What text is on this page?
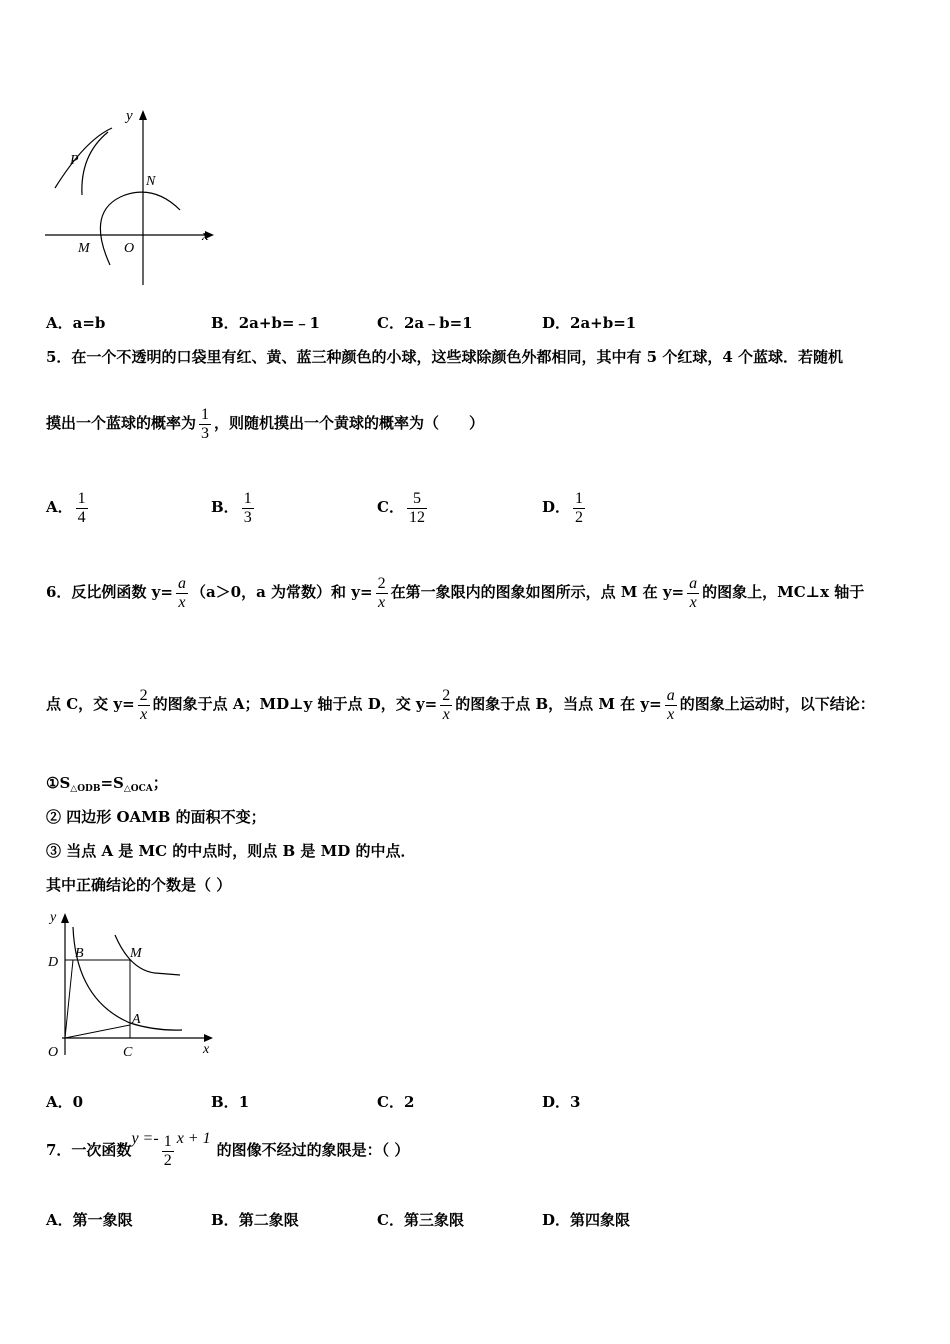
y
x
P
N
M O
A．a=b	B．2a+b=﹣1	C．2a﹣b=1	D．2a+b=1
5．在一个不透明的口袋里有红、黄、蓝三种颜色的小球，这些球除颜色外都相同，其中有 5 个红球，4 个蓝球．若随机
摸出一个蓝球的概率为 $\frac{1}{3}$ ，则随机摸出一个黄球的概率为（　　）
A． $\frac{1}{4}$	B． $\frac{1}{3}$	C． $\frac{5}{12}$	D． $\frac{1}{2}$
6．反比例函数 $y= \frac{a}{x} (a>0$，a 为常数）和 $y= \frac{2}{x}$ 在第一象限内的图象如图所示，点 M 在 $y= \frac{a}{x}$ 的图象上，MC⊥x 轴于
点 C，交 $y= \frac{2}{x}$ 的图象于点 A；MD⊥y 轴于点 D，交 $y= \frac{2}{x}$ 的图象于点 B，当点 M 在 $y= \frac{a}{x}$ 的图象上运动时，以下结论：
$①S_{\triangle ODB}=S_{\triangle OCA}$；
② 四边形 OAMB 的面积不变；
③ 当点 A 是 MC 的中点时，则点 B 是 MD 的中点．
其中正确结论的个数是（ ）
y
x
D
B	M
A
O	C
A．0	B．1	C．2	D．3
7．一次函数$y =- \frac{1}{2}$ x + 1的图像不经过的象限是：（ ）
A．第一象限	B．第二象限	C．第三象限	D．第四象限
